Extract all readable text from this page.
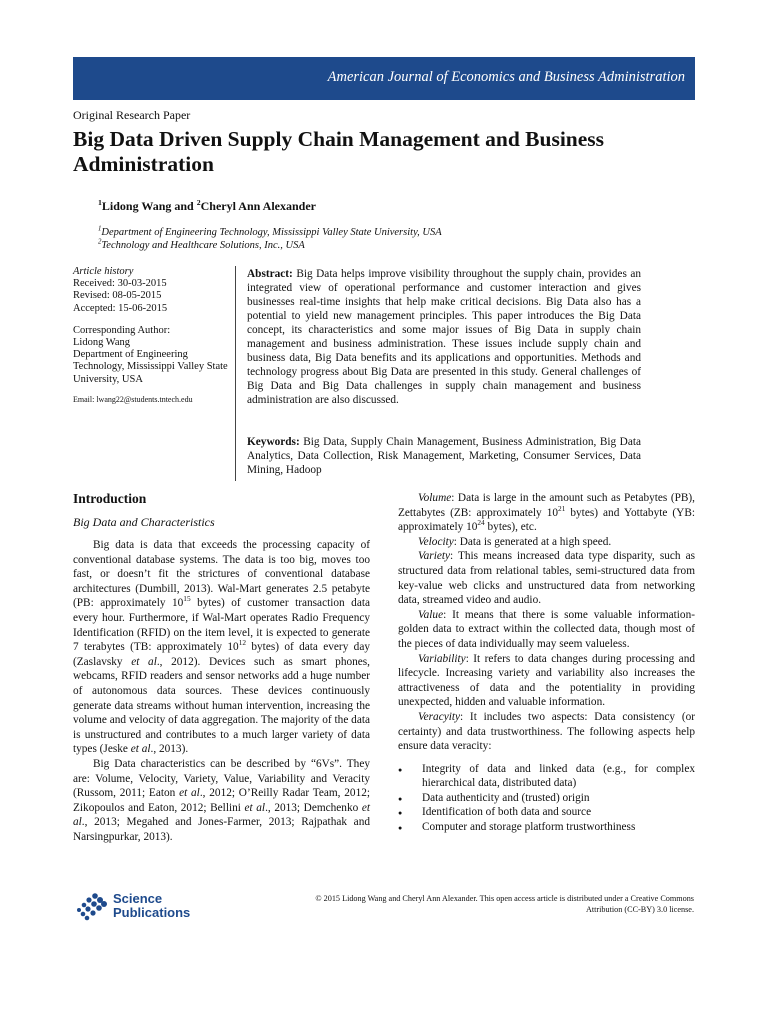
American Journal of Economics and Business Administration
Original Research Paper
Big Data Driven Supply Chain Management and Business Administration
$^1$Lidong Wang and $^2$Cheryl Ann Alexander
$^1$Department of Engineering Technology, Mississippi Valley State University, USA
$^2$Technology and Healthcare Solutions, Inc., USA
Article history
Received: 30-03-2015
Revised: 08-05-2015
Accepted: 15-06-2015
Corresponding Author:
Lidong Wang
Department of Engineering Technology, Mississippi Valley State University, USA
Email: lwang22@students.tntech.edu
Abstract: Big Data helps improve visibility throughout the supply chain, provides an integrated view of operational performance and customer interaction and gives businesses real-time insights that help make critical decisions. Big Data also has a potential to yield new management principles. This paper introduces the Big Data concept, its characteristics and some major issues of Big Data in supply chain management and business administration. These issues include supply chain and business data, Big Data benefits and its applications and opportunities. Methods and technology progress about Big Data are presented in this study. General challenges of Big Data and Big Data challenges in supply chain management and business administration are also discussed.
Keywords: Big Data, Supply Chain Management, Business Administration, Big Data Analytics, Data Collection, Risk Management, Marketing, Consumer Services, Data Mining, Hadoop
Introduction
Big Data and Characteristics

Big data is data that exceeds the processing capacity of conventional database systems. The data is too big, moves too fast, or doesn’t fit the strictures of conventional database architectures (Dumbill, 2013). Wal-Mart generates 2.5 petabyte (PB: approximately $10^{15}$ bytes) of customer transaction data every hour. Furthermore, if Wal-Mart operates Radio Frequency Identification (RFID) on the item level, it is expected to generate 7 terabytes (TB: approximately $10^{12}$ bytes) of data every day (Zaslavsky et al., 2012). Devices such as smart phones, webcams, RFID readers and sensor networks add a huge number of autonomous data sources. These devices continuously generate data streams without human intervention, increasing the volume and velocity of data aggregation. The majority of the data is unstructured and contributes to a much larger variety of data types (Jeske et al., 2013).

Big Data characteristics can be described by “6Vs”. They are: Volume, Velocity, Variety, Value, Variability and Veracity (Russom, 2011; Eaton et al., 2012; O’Reilly Radar Team, 2012; Zikopoulos and Eaton, 2012; Bellini et al., 2013; Demchenko et al., 2013; Megahed and Jones-Farmer, 2013; Rajpathak and Narsingpurkar, 2013).

Volume: Data is large in the amount such as Petabytes (PB), Zettabytes (ZB: approximately $10^{21}$ bytes) and Yottabyte (YB: approximately $10^{24}$ bytes), etc.

Velocity: Data is generated at a high speed.

Variety: This means increased data type disparity, such as structured data from relational tables, semi-structured data from key-value web clicks and unstructured data from networking data, streamed video and audio.

Value: It means that there is some valuable information-golden data to extract within the collected data, though most of the pieces of data individually may seem valueless.

Variability: It refers to data changes during processing and lifecycle. Increasing variety and variability also increases the attractiveness of data and the potentiality in providing unexpected, hidden and valuable information.

Veracyity: It includes two aspects: Data consistency (or certainty) and data trustworthiness. The following aspects help ensure data veracity:

● Integrity of data and linked data (e.g., for complex hierarchical data, distributed data)
● Data authenticity and (trusted) origin
● Identification of both data and source
● Computer and storage platform trustworthiness
Science
Publications
© 2015 Lidong Wang and Cheryl Ann Alexander. This open access article is distributed under a Creative Commons
Attribution (CC-BY) 3.0 license.
